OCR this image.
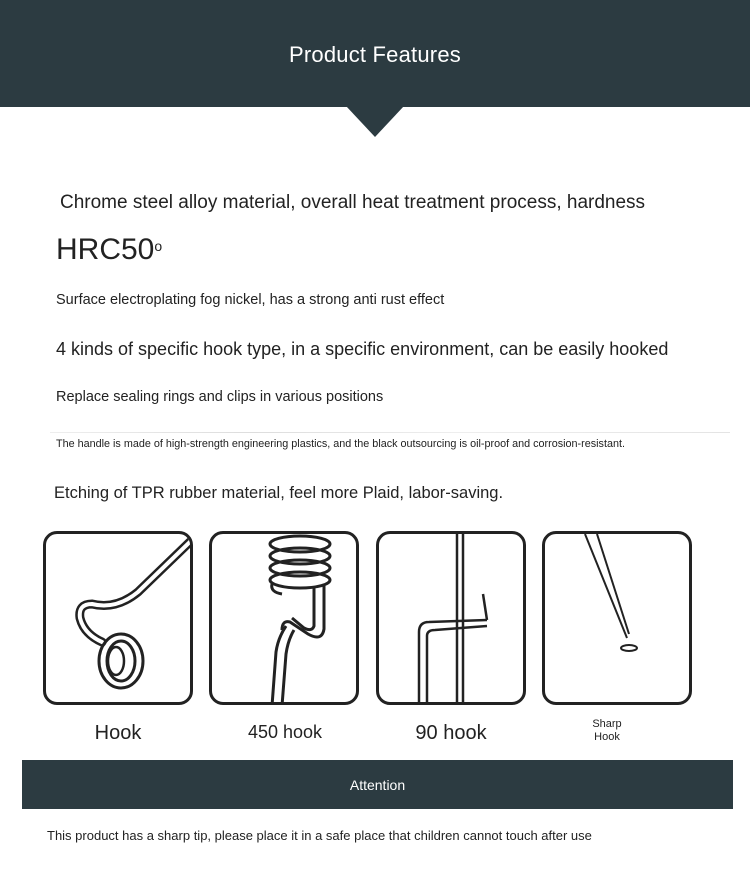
Product Features
Chrome steel alloy material, overall heat treatment process, hardness
HRC50$^o$
Surface electroplating fog nickel, has a strong anti rust effect
4 kinds of specific hook type, in a specific environment, can be easily hooked
Replace sealing rings and clips in various positions
The handle is made of high-strength engineering plastics, and the black outsourcing is oil-proof and corrosion-resistant.
Etching of TPR rubber material, feel more Plaid, labor-saving.
Hook	450 hook	90 hook	Sharp
Hook
Attention
This product has a sharp tip, please place it in a safe place that children cannot touch after use
